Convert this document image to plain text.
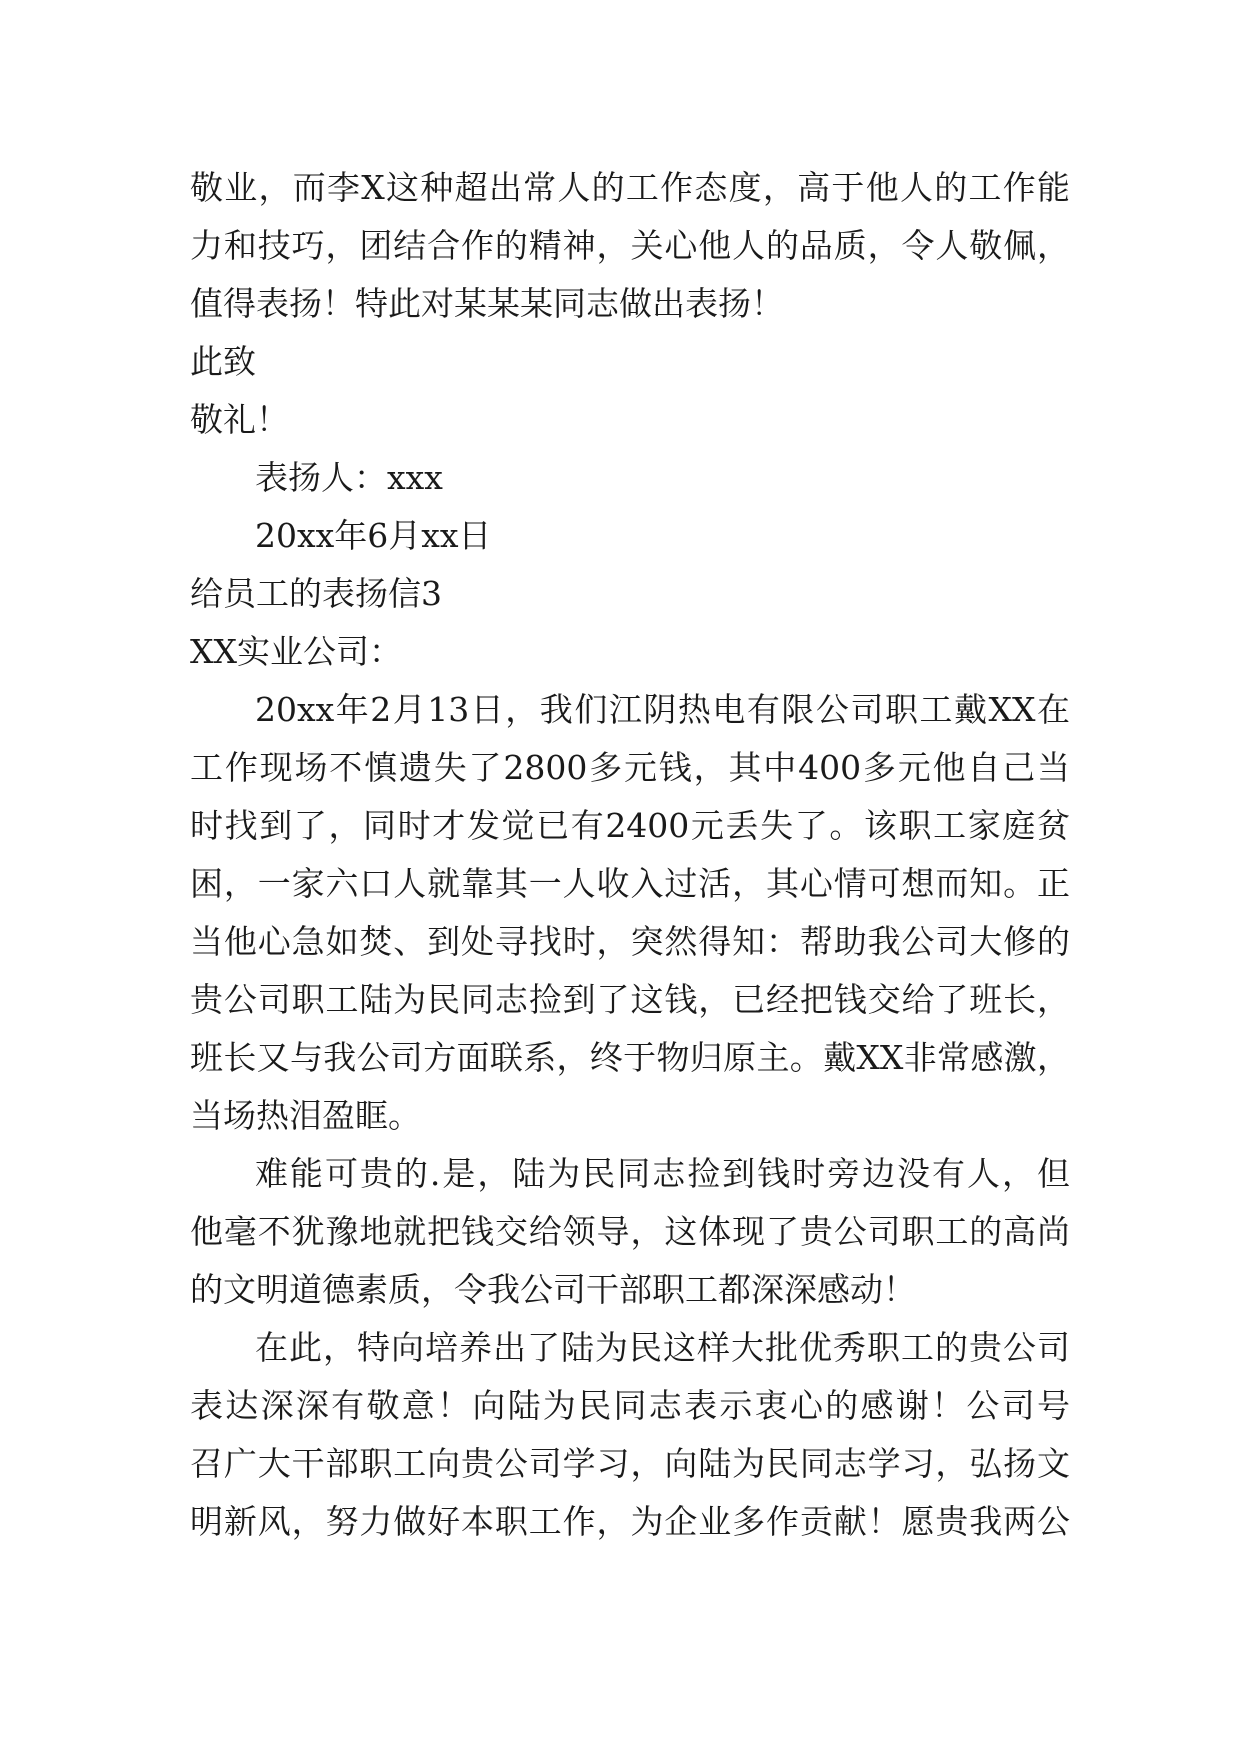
敬业，而李X这种超出常人的工作态度，高于他人的工作能
力和技巧，团结合作的精神，关心他人的品质，令人敬佩，
值得表扬！特此对某某某同志做出表扬！
此致
敬礼！
表扬人：xxx
20xx年6月xx日
给员工的表扬信3
XX实业公司：
20xx年2月13日，我们江阴热电有限公司职工戴XX在
工作现场不慎遗失了2800多元钱，其中400多元他自己当
时找到了，同时才发觉已有2400元丢失了。该职工家庭贫
困，一家六口人就靠其一人收入过活，其心情可想而知。正
当他心急如焚、到处寻找时，突然得知：帮助我公司大修的
贵公司职工陆为民同志捡到了这钱，已经把钱交给了班长，
班长又与我公司方面联系，终于物归原主。戴XX非常感激，
当场热泪盈眶。
难能可贵的.是，陆为民同志捡到钱时旁边没有人，但
他毫不犹豫地就把钱交给领导，这体现了贵公司职工的高尚
的文明道德素质，令我公司干部职工都深深感动！
在此，特向培养出了陆为民这样大批优秀职工的贵公司
表达深深有敬意！向陆为民同志表示衷心的感谢！公司号
召广大干部职工向贵公司学习，向陆为民同志学习，弘扬文
明新风，努力做好本职工作，为企业多作贡献！愿贵我两公
